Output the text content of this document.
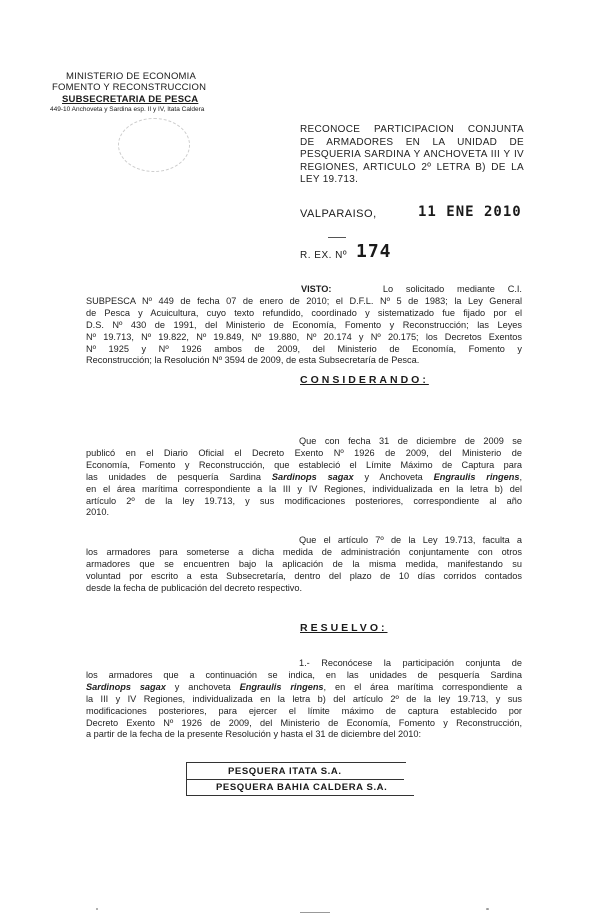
MINISTERIO DE ECONOMIA
FOMENTO Y RECONSTRUCCION
SUBSECRETARIA DE PESCA
449-10 Anchoveta y Sardina esp. II y IV, Itata Caldera
RECONOCE PARTICIPACION CONJUNTA
DE ARMADORES EN LA UNIDAD DE
PESQUERIA SARDINA Y ANCHOVETA III Y IV
REGIONES, ARTICULO 2º LETRA B) DE LA
LEY 19.713.
VALPARAISO,	11 ENE 2010
R. EX. Nº 174
VISTO:	Lo solicitado mediante C.I.
SUBPESCA Nº 449 de fecha 07 de enero de 2010; el D.F.L. Nº 5 de 1983; la Ley General
de Pesca y Acuicultura, cuyo texto refundido, coordinado y sistematizado fue fijado por el
D.S. Nº 430 de 1991, del Ministerio de Economía, Fomento y Reconstrucción; las Leyes
Nº 19.713, Nº 19.822, Nº 19.849, Nº 19.880, Nº 20.174 y Nº 20.175; los Decretos Exentos
Nº 1925 y Nº 1926 ambos de 2009, del Ministerio de Economía, Fomento y
Reconstrucción; la Resolución Nº 3594 de 2009, de esta Subsecretaría de Pesca.
CONSIDERANDO:
Que con fecha 31 de diciembre de 2009 se
publicó en el Diario Oficial el Decreto Exento Nº 1926 de 2009, del Ministerio de
Economía, Fomento y Reconstrucción, que estableció el Límite Máximo de Captura para
las unidades de pesquería Sardina Sardinops sagax y Anchoveta Engraulis ringens,
en el área marítima correspondiente a la III y IV Regiones, individualizada en la letra b) del
artículo 2º de la ley 19.713, y sus modificaciones posteriores, correspondiente al año
2010.
Que el artículo 7º de la Ley 19.713, faculta a
los armadores para someterse a dicha medida de administración conjuntamente con otros
armadores que se encuentren bajo la aplicación de la misma medida, manifestando su
voluntad por escrito a esta Subsecretaría, dentro del plazo de 10 días corridos contados
desde la fecha de publicación del decreto respectivo.
RESUELVO:
1.- Reconócese la participación conjunta de
los armadores que a continuación se indica, en las unidades de pesquería Sardina
Sardinops sagax y anchoveta Engraulis ringens, en el área marítima correspondiente a
la III y IV Regiones, individualizada en la letra b) del artículo 2º de la ley 19.713, y sus
modificaciones posteriores, para ejercer el límite máximo de captura establecido por
Decreto Exento Nº 1926 de 2009, del Ministerio de Economía, Fomento y Reconstrucción,
a partir de la fecha de la presente Resolución y hasta el 31 de diciembre del 2010:
PESQUERA ITATA S.A.
PESQUERA BAHIA CALDERA S.A.
